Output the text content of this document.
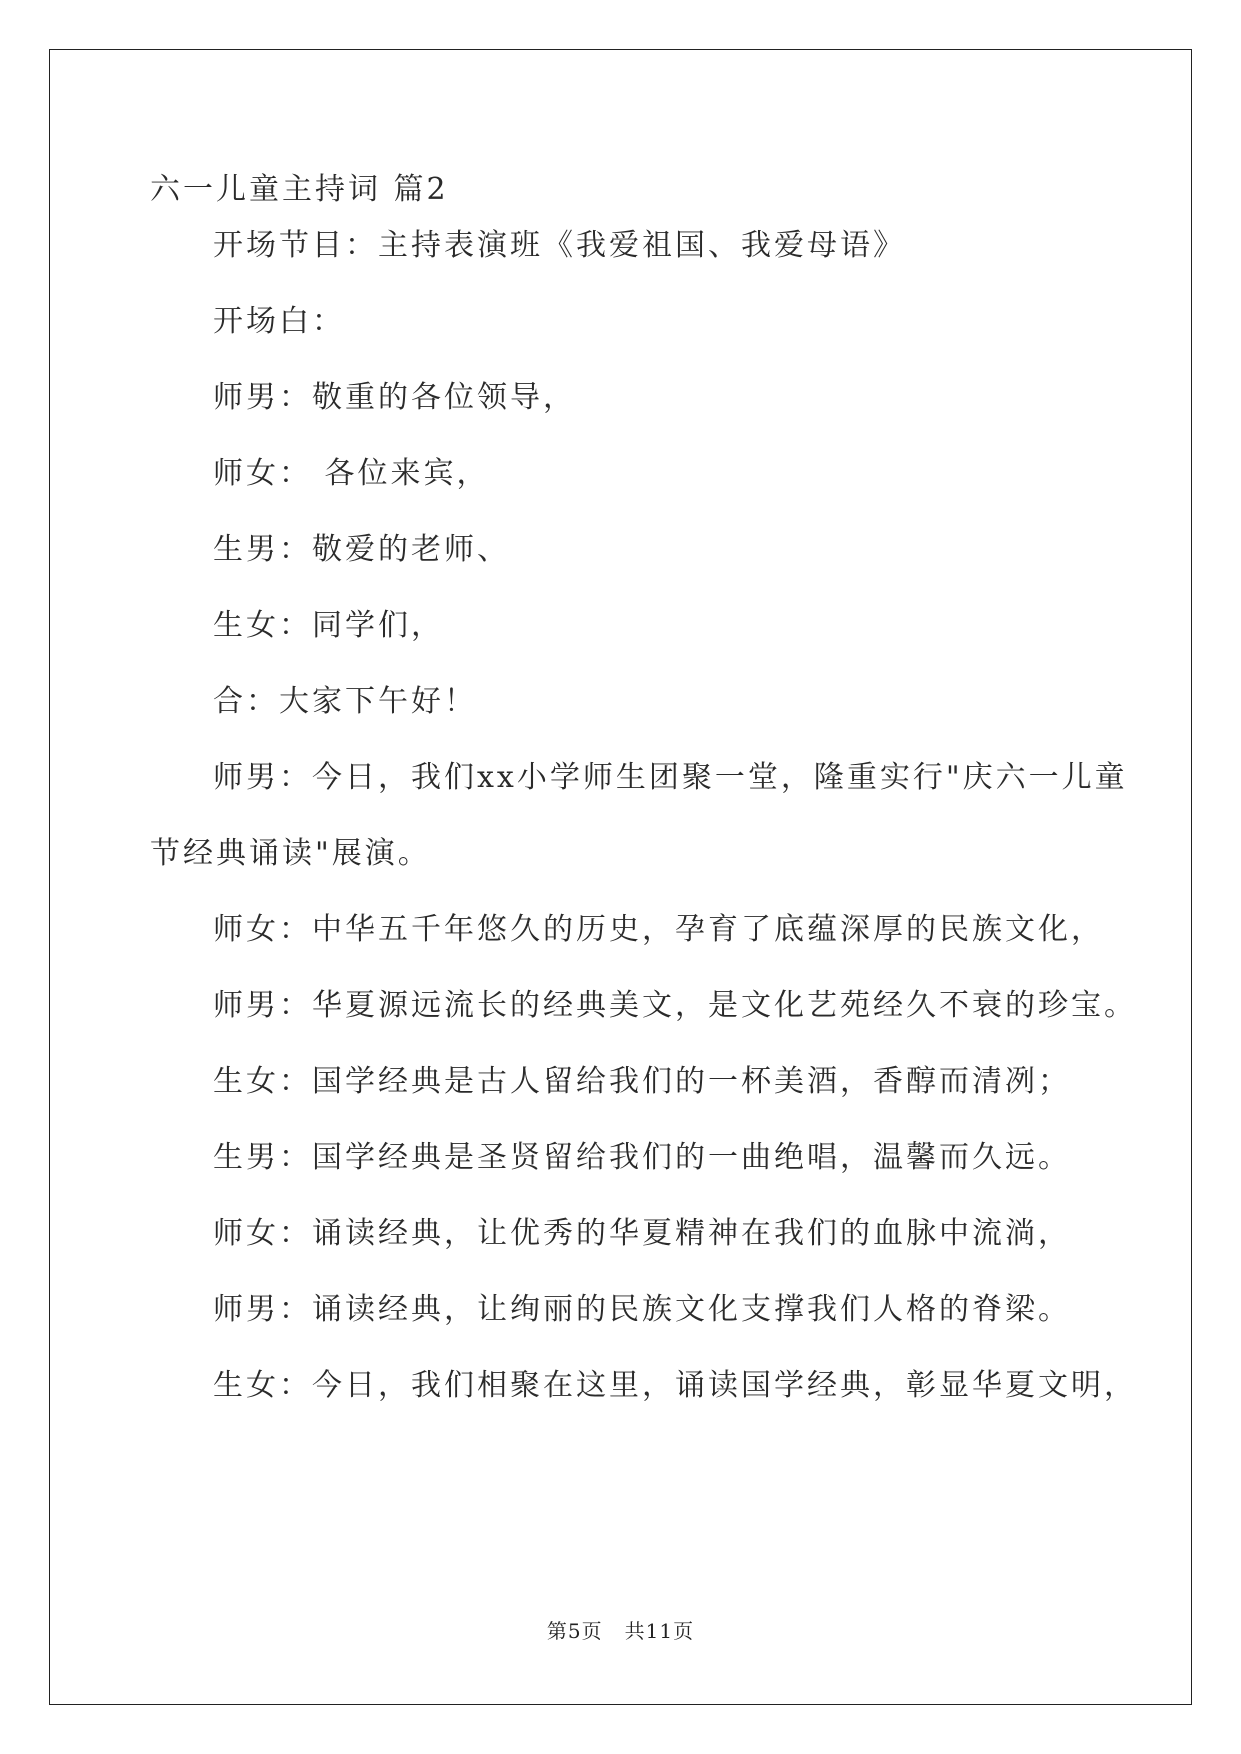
六一儿童主持词 篇2
开场节目：主持表演班《我爱祖国、我爱母语》
开场白：
师男：敬重的各位领导，
师女： 各位来宾，
生男：敬爱的老师、
生女：同学们，
合：大家下午好！
师男：今日，我们xx小学师生团聚一堂，隆重实行"庆六一儿童
节经典诵读"展演。
师女：中华五千年悠久的历史，孕育了底蕴深厚的民族文化，
师男：华夏源远流长的经典美文，是文化艺苑经久不衰的珍宝。
生女：国学经典是古人留给我们的一杯美酒，香醇而清冽；
生男：国学经典是圣贤留给我们的一曲绝唱，温馨而久远。
师女：诵读经典，让优秀的华夏精神在我们的血脉中流淌，
师男：诵读经典，让绚丽的民族文化支撑我们人格的脊梁。
生女：今日，我们相聚在这里，诵读国学经典，彰显华夏文明，
第5页 共11页
